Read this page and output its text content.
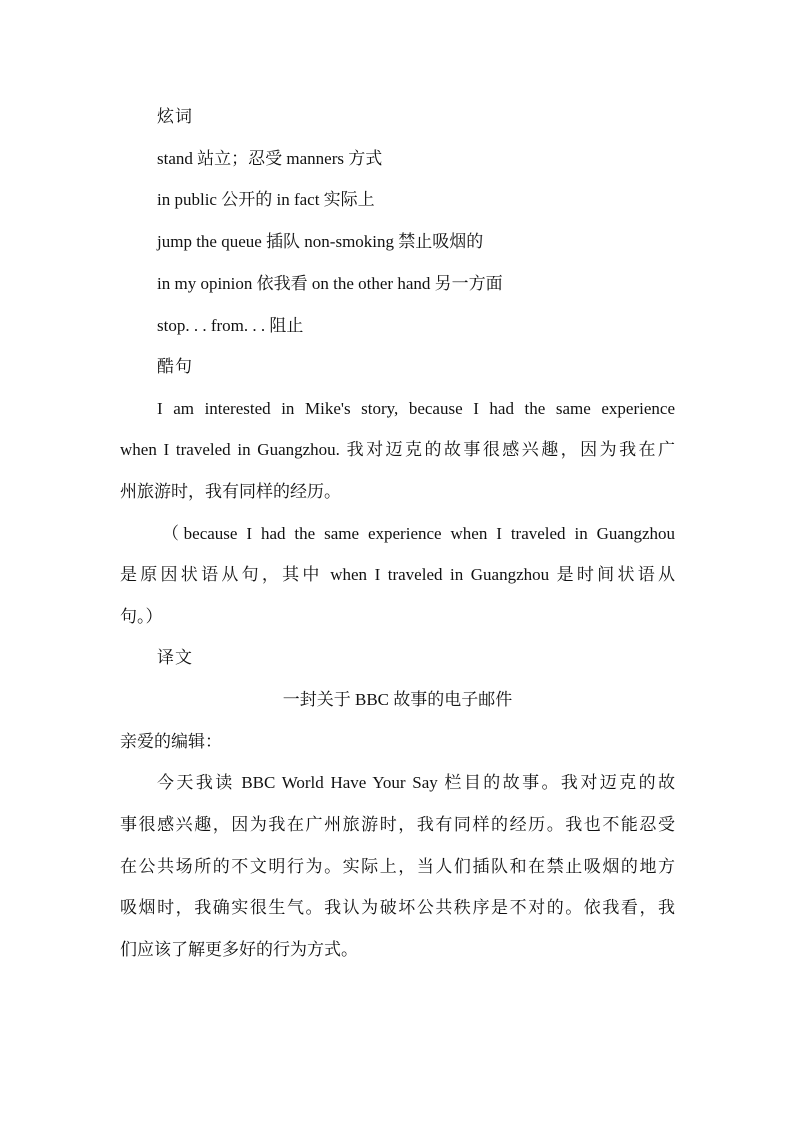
炫词
stand 站立；忍受 manners 方式
in public 公开的 in fact 实际上
jump the queue 插队 non-smoking 禁止吸烟的
in my opinion 依我看 on the other hand 另一方面
stop. . . from. . . 阻止
酷句
I am interested in Mike's story, because I had the same experience
when I traveled in Guangzhou. 我对迈克的故事很感兴趣，因为我在广
州旅游时，我有同样的经历。
（because I had the same experience when I traveled in Guangzhou
是原因状语从句，其中 when I traveled in Guangzhou 是时间状语从
句。）
译文
一封关于 BBC 故事的电子邮件
亲爱的编辑：
今天我读 BBC World Have Your Say 栏目的故事。我对迈克的故
事很感兴趣，因为我在广州旅游时，我有同样的经历。我也不能忍受
在公共场所的不文明行为。实际上，当人们插队和在禁止吸烟的地方
吸烟时，我确实很生气。我认为破坏公共秩序是不对的。依我看，我
们应该了解更多好的行为方式。
